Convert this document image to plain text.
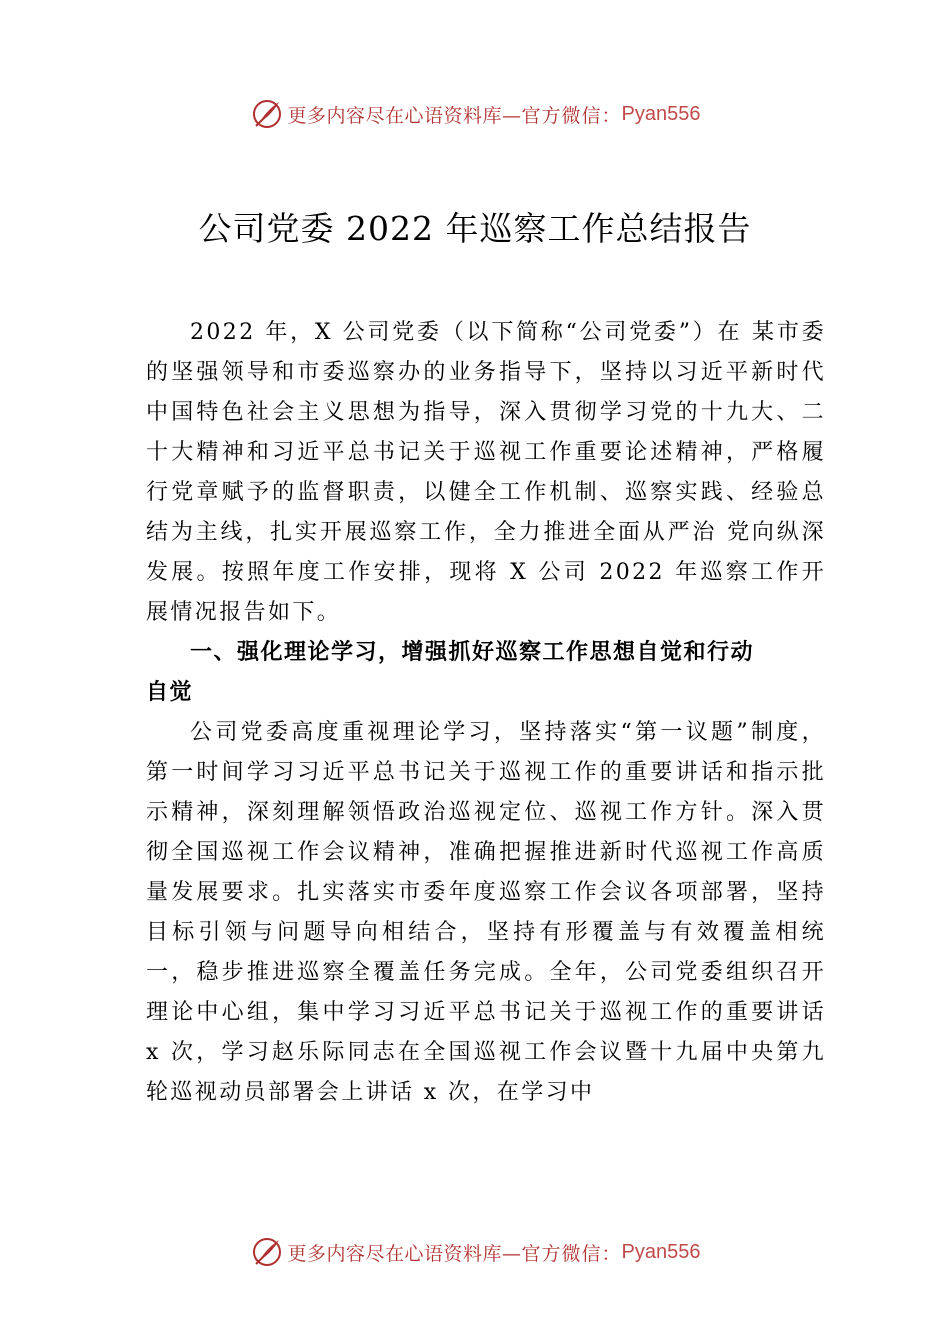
更多内容尽在心语资料库— 官方微信： Pyan556
公司党委 2022 年巡察工作总结报告

2022 年，X 公司党委（以下简称“公司党委”）在 某市委的坚强领导和市委巡察办的业务指导下，坚持以习近平新时代中国特色社会主义思想为指导，深入贯彻学习党的十九大、二十大精神和习近平总书记关于巡视工作重要论述精神，严格履行党章赋予的监督职责，以健全工作机制、巡察实践、经验总结为主线，扎实开展巡察工作，全力推进全面从严治 党向纵深发展。按照年度工作安排，现将 X 公司 2022 年巡察工作开展情况报告如下。

一、强化理论学习，增强抓好巡察工作思想自觉和行动自觉

公司党委高度重视理论学习，坚持落实“第一议题”制度，第一时间学习习近平总书记关于巡视工作的重要讲话和指示批示精神，深刻理解领悟政治巡视定位、巡视工作方针。深入贯彻全国巡视工作会议精神，准确把握推进新时代巡视工作高质量发展要求。扎实落实市委年度巡察工作会议各项部署，坚持目标引领与问题导向相结合，坚持有形覆盖与有效覆盖相统一，稳步推进巡察全覆盖任务完成。全年，公司党委组织召开理论中心组，集中学习习近平总书记关于巡视工作的重要讲话 x 次，学习赵乐际同志在全国巡视工作会议暨十九届中央第九轮巡视动员部署会上讲话 x 次，在学习中

更多内容尽在心语资料库— 官方微信： Pyan556
